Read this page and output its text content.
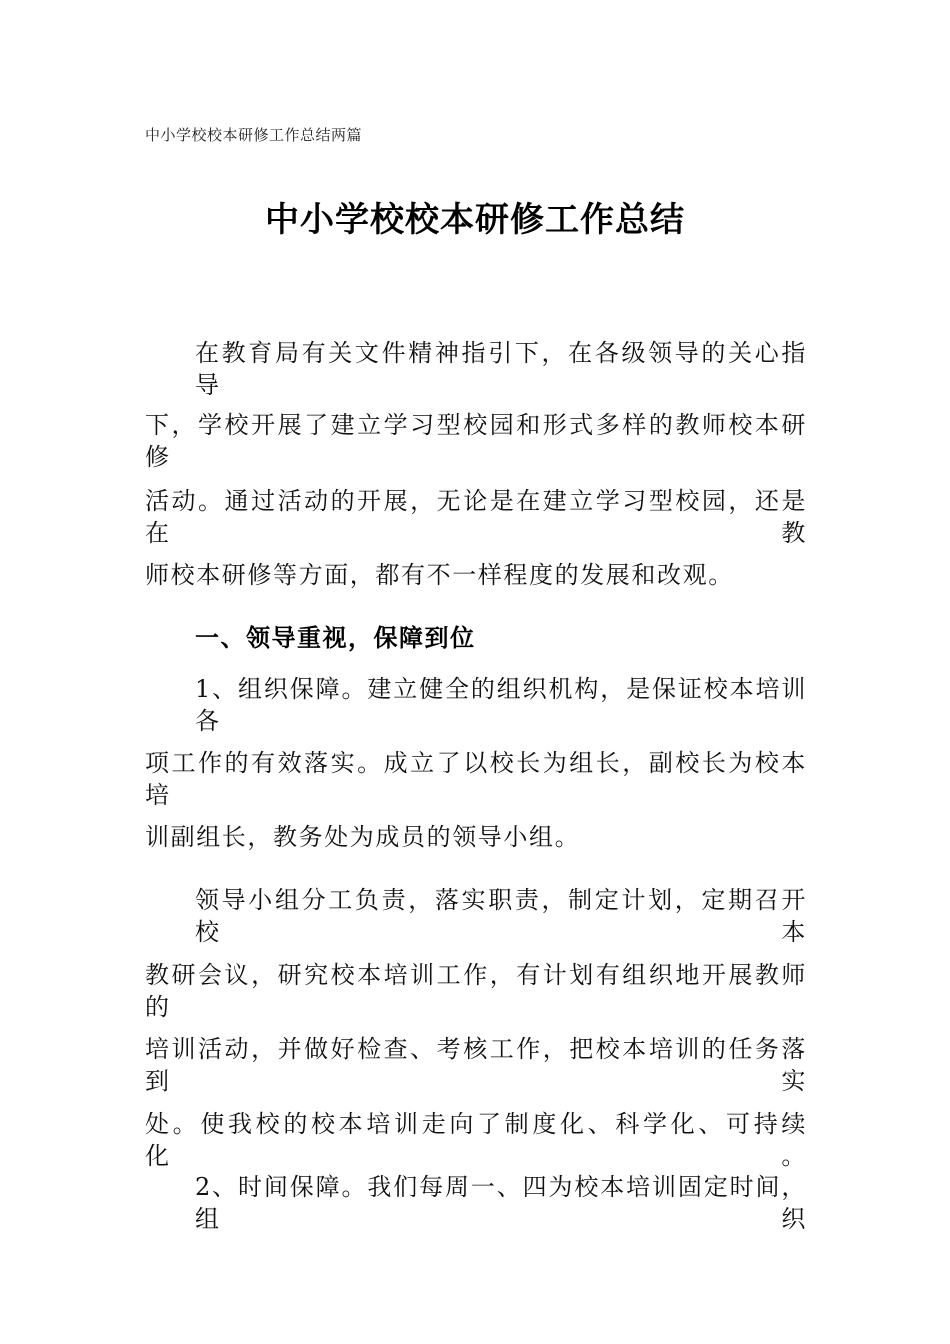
中小学校校本研修工作总结两篇
中小学校校本研修工作总结
在教育局有关文件精神指引下，在各级领导的关心指导
下，学校开展了建立学习型校园和形式多样的教师校本研修
活动。通过活动的开展，无论是在建立学习型校园，还是在教
师校本研修等方面，都有不一样程度的发展和改观。
一、领导重视，保障到位
1、组织保障。建立健全的组织机构，是保证校本培训各
项工作的有效落实。成立了以校长为组长，副校长为校本培
训副组长，教务处为成员的领导小组。
领导小组分工负责，落实职责，制定计划，定期召开校本
教研会议，研究校本培训工作，有计划有组织地开展教师的
培训活动，并做好检查、考核工作，把校本培训的任务落到实
处。使我校的校本培训走向了制度化、科学化、可持续化。
2、时间保障。我们每周一、四为校本培训固定时间，组织
